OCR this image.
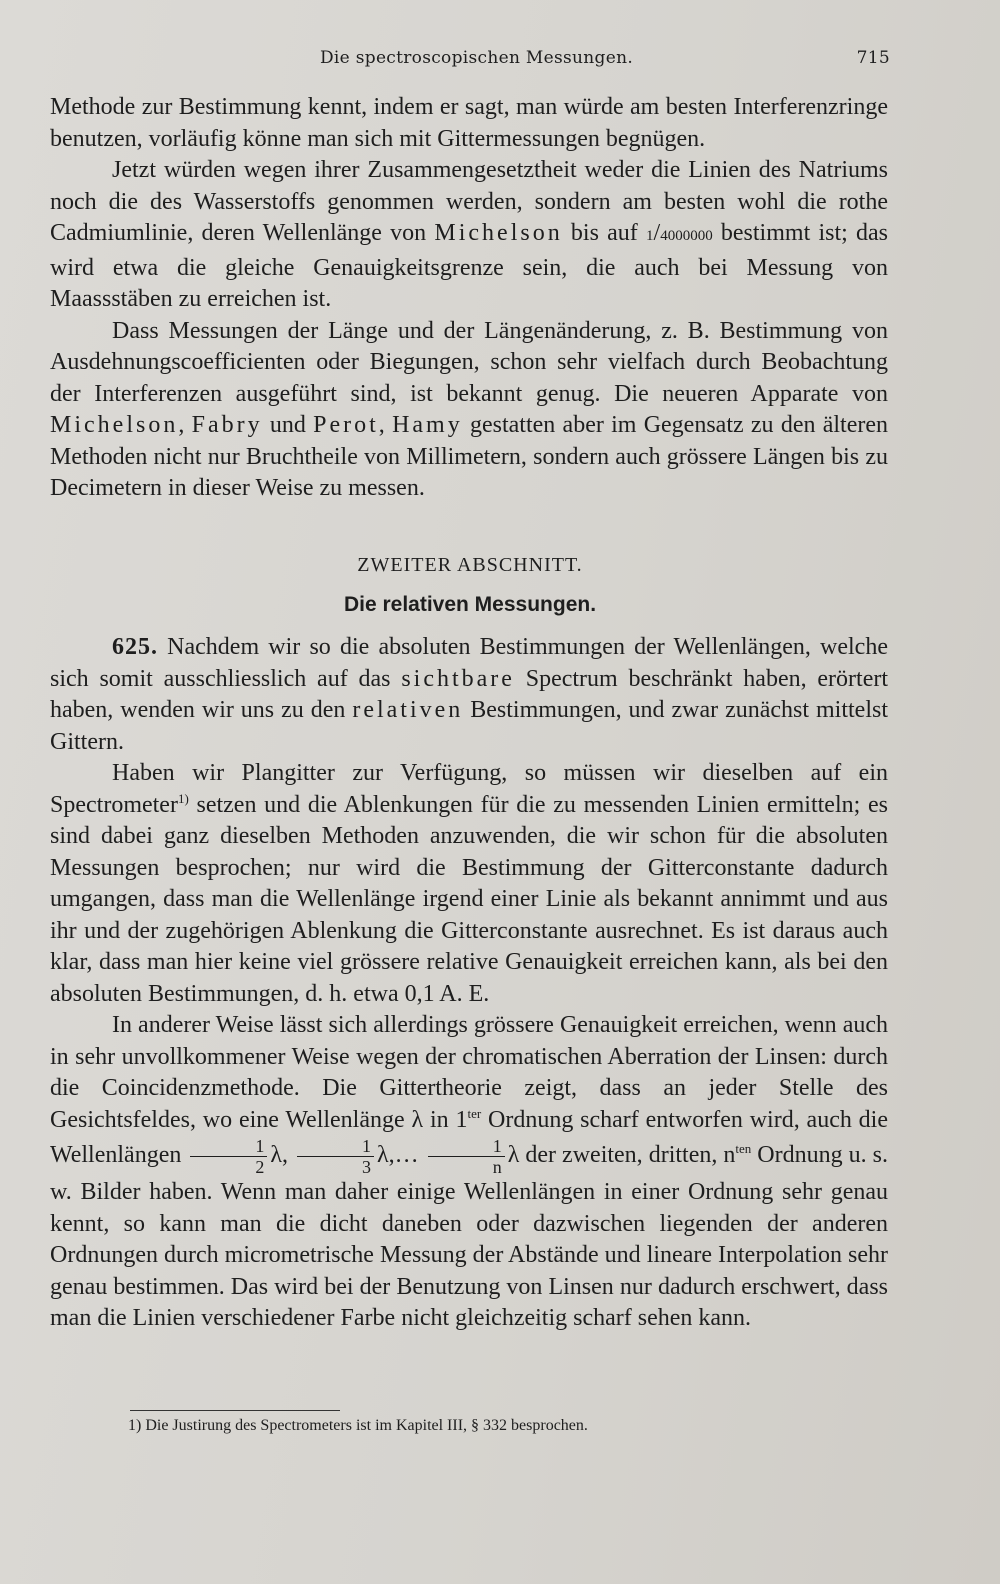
Die spectroscopischen Messungen.	715

Methode zur Bestimmung kennt, indem er sagt, man würde am besten Interferenzringe benutzen, vorläufig könne man sich mit Gittermessungen begnügen.

Jetzt würden wegen ihrer Zusammengesetztheit weder die Linien des Natriums noch die des Wasserstoffs genommen werden, sondern am besten wohl die rothe Cadmiumlinie, deren Wellenlänge von Michelson bis auf 1/4000000 bestimmt ist; das wird etwa die gleiche Genauigkeitsgrenze sein, die auch bei Messung von Maassstäben zu erreichen ist.

Dass Messungen der Länge und der Längenänderung, z. B. Bestimmung von Ausdehnungscoefficienten oder Biegungen, schon sehr vielfach durch Beobachtung der Interferenzen ausgeführt sind, ist bekannt genug. Die neueren Apparate von Michelson, Fabry und Perot, Hamy gestatten aber im Gegensatz zu den älteren Methoden nicht nur Bruchtheile von Millimetern, sondern auch grössere Längen bis zu Decimetern in dieser Weise zu messen.

ZWEITER ABSCHNITT.
Die relativen Messungen.

625. Nachdem wir so die absoluten Bestimmungen der Wellenlängen, welche sich somit ausschliesslich auf das sichtbare Spectrum beschränkt haben, erörtert haben, wenden wir uns zu den relativen Bestimmungen, und zwar zunächst mittelst Gittern.

Haben wir Plangitter zur Verfügung, so müssen wir dieselben auf ein Spectrometer$^{1)}$ setzen und die Ablenkungen für die zu messenden Linien ermitteln; es sind dabei ganz dieselben Methoden anzuwenden, die wir schon für die absoluten Messungen besprochen; nur wird die Bestimmung der Gitterconstante dadurch umgangen, dass man die Wellenlänge irgend einer Linie als bekannt annimmt und aus ihr und der zugehörigen Ablenkung die Gitterconstante ausrechnet. Es ist daraus auch klar, dass man hier keine viel grössere relative Genauigkeit erreichen kann, als bei den absoluten Bestimmungen, d. h. etwa 0,1 A. E.

In anderer Weise lässt sich allerdings grössere Genauigkeit erreichen, wenn auch in sehr unvollkommener Weise wegen der chromatischen Aberration der Linsen: durch die Coincidenzmethode. Die Gittertheorie zeigt, dass an jeder Stelle des Gesichtsfeldes, wo eine Wellenlänge λ in $1^{ter}$ Ordnung scharf entworfen wird, auch die Wellenlängen $\frac{1}{2} \lambda$, $\frac{1}{3}$ λ,… $\frac{1}{n}$ λ der zweiten, dritten, $n^{ten}$ Ordnung u. s. w. Bilder haben. Wenn man daher einige Wellenlängen in einer Ordnung sehr genau kennt, so kann man die dicht daneben oder dazwischen liegenden der anderen Ordnungen durch micrometrische Messung der Abstände und lineare Interpolation sehr genau bestimmen. Das wird bei der Benutzung von Linsen nur dadurch erschwert, dass man die Linien verschiedener Farbe nicht gleichzeitig scharf sehen kann.

1) Die Justirung des Spectrometers ist im Kapitel III, § 332 besprochen.
